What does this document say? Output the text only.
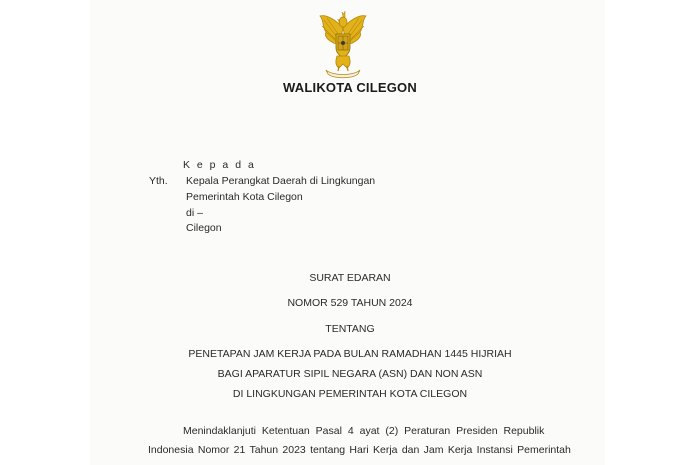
WALIKOTA CILEGON
K e p a d a
Yth. Kepala Perangkat Daerah di Lingkungan
Pemerintah Kota Cilegon
di –
Cilegon
SURAT EDARAN
NOMOR 529 TAHUN 2024
TENTANG
PENETAPAN JAM KERJA PADA BULAN RAMADHAN 1445 HIJRIAH
BAGI APARATUR SIPIL NEGARA (ASN) DAN NON ASN
DI LINGKUNGAN PEMERINTAH KOTA CILEGON
Menindaklanjuti Ketentuan Pasal 4 ayat (2) Peraturan Presiden Republik
Indonesia Nomor 21 Tahun 2023 tentang Hari Kerja dan Jam Kerja Instansi Pemerintah
